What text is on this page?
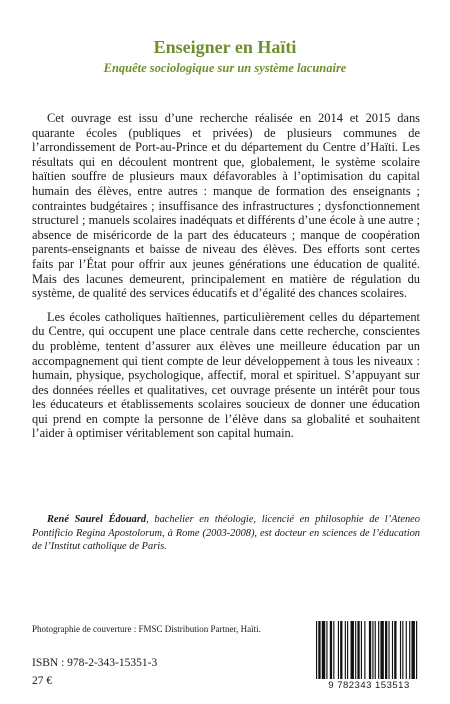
Enseigner en Haïti
Enquête sociologique sur un système lacunaire

Cet ouvrage est issu d’une recherche réalisée en 2014 et 2015 dans quarante écoles (publiques et privées) de plusieurs communes de l’arrondissement de Port-au-Prince et du département du Centre d’Haïti. Les résultats qui en découlent montrent que, globalement, le système scolaire haïtien souffre de plusieurs maux défavorables à l’optimisation du capital humain des élèves, entre autres : manque de formation des enseignants ; contraintes budgétaires ; insuffisance des infrastructures ; dysfonctionnement structurel ; manuels scolaires inadéquats et différents d’une école à une autre ; absence de miséricorde de la part des éducateurs ; manque de coopération parents-enseignants et baisse de niveau des élèves. Des efforts sont certes faits par l’État pour offrir aux jeunes générations une éducation de qualité. Mais des lacunes demeurent, principalement en matière de régulation du système, de qualité des services éducatifs et d’égalité des chances scolaires.

Les écoles catholiques haïtiennes, particulièrement celles du département du Centre, qui occupent une place centrale dans cette recherche, conscientes du problème, tentent d’assurer aux élèves une meilleure éducation par un accompagnement qui tient compte de leur développement à tous les niveaux : humain, physique, psychologique, affectif, moral et spirituel. S’appuyant sur des données réelles et qualitatives, cet ouvrage présente un intérêt pour tous les éducateurs et établissements scolaires soucieux de donner une éducation qui prend en compte la personne de l’élève dans sa globalité et souhaitent l’aider à optimiser véritablement son capital humain.

René Saurel Édouard, bachelier en théologie, licencié en philosophie de l’Ateneo Pontificio Regina Apostolorum, à Rome (2003-2008), est docteur en sciences de l’éducation de l’Institut catholique de Paris.

Photographie de couverture : FMSC Distribution Partner, Haïti.

ISBN : 978-2-343-15351-3

27 €	9 782343 153513
